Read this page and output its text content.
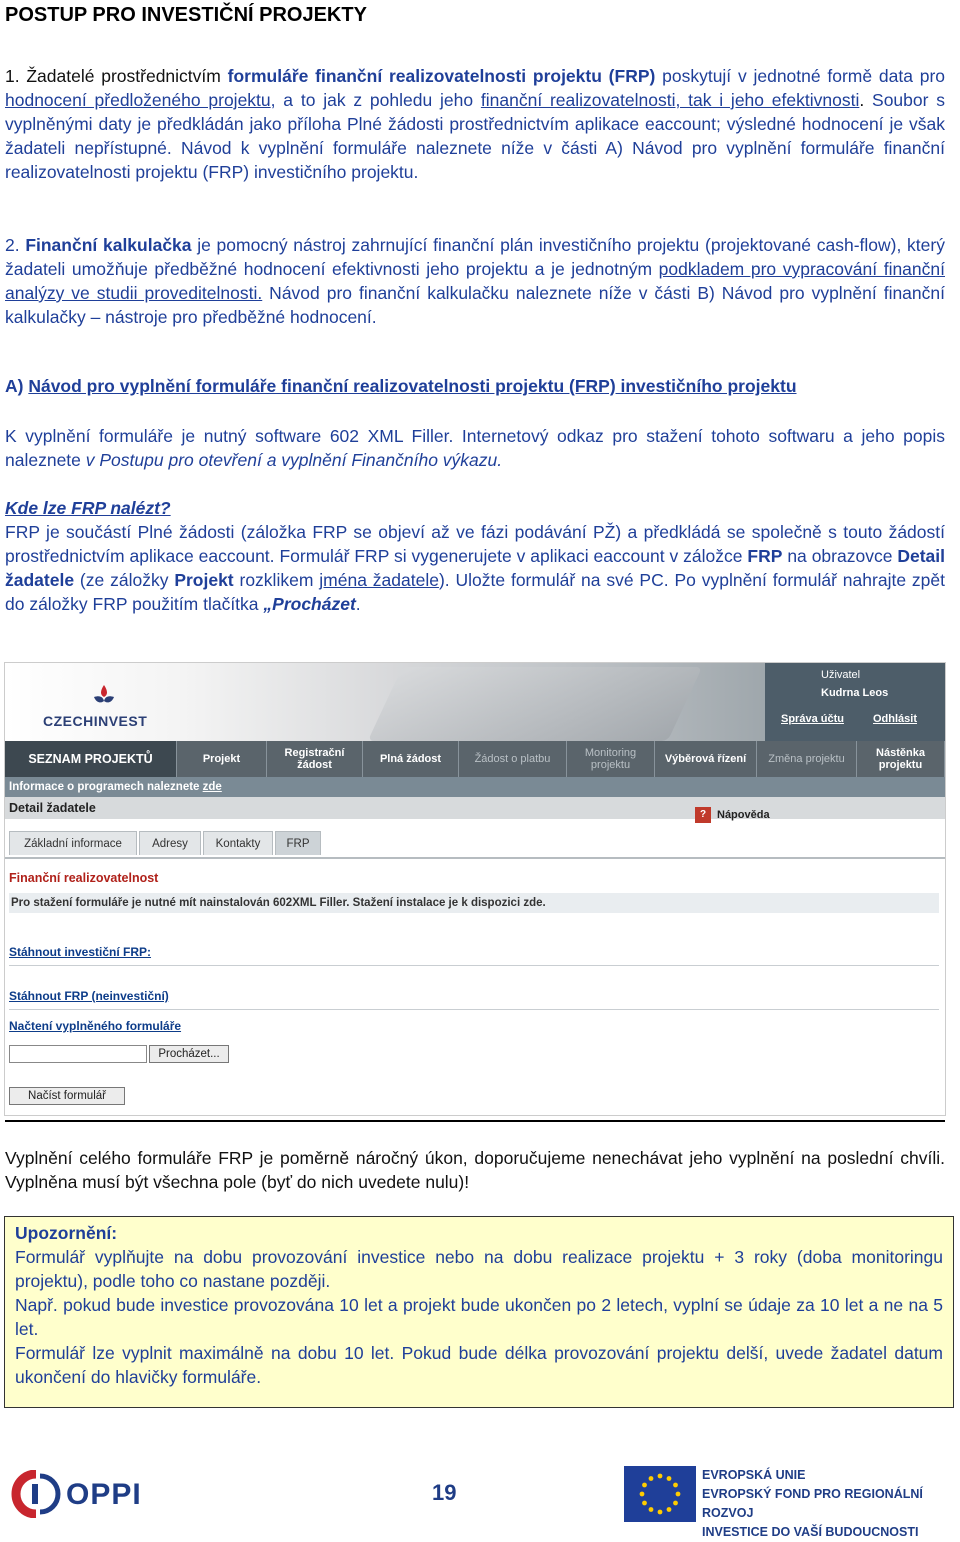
POSTUP PRO INVESTIČNÍ PROJEKTY

1. Žadatelé prostřednictvím formuláře finanční realizovatelnosti projektu (FRP) poskytují v jednotné formě data pro hodnocení předloženého projektu, a to jak z pohledu jeho finanční realizovatelnosti, tak i jeho efektivnosti. Soubor s vyplněnými daty je předkládán jako příloha Plné žádosti prostřednictvím aplikace eaccount; výsledné hodnocení je však žadateli nepřístupné. Návod k vyplnění formuláře naleznete níže v části A) Návod pro vyplnění formuláře finanční realizovatelnosti projektu (FRP) investičního projektu.

2. Finanční kalkulačka je pomocný nástroj zahrnující finanční plán investičního projektu (projektované cash-flow), který žadateli umožňuje předběžné hodnocení efektivnosti jeho projektu a je jednotným podkladem pro vypracování finanční analýzy ve studii proveditelnosti. Návod pro finanční kalkulačku naleznete níže v části B) Návod pro vyplnění finanční kalkulačky – nástroje pro předběžné hodnocení.

A) Návod pro vyplnění formuláře finanční realizovatelnosti projektu (FRP) investičního projektu

K vyplnění formuláře je nutný software 602 XML Filler. Internetový odkaz pro stažení tohoto softwaru a jeho popis naleznete v Postupu pro otevření a vyplnění Finančního výkazu.

Kde lze FRP nalézt?
FRP je součástí Plné žádosti (záložka FRP se objeví až ve fázi podávání PŽ) a předkládá se společně s touto žádostí prostřednictvím aplikace eaccount. Formulář FRP si vygenerujete v aplikaci eaccount v záložce FRP na obrazovce Detail žadatele (ze záložky Projekt rozklikem jména žadatele). Uložte formulář na své PC. Po vyplnění formulář nahrajte zpět do záložky FRP použitím tlačítka „Procházet.

CZECHINVEST
Uživatel
Kudrna Leos
Správa účtu	Odhlásit
SEZNAM PROJEKTŮ	Projekt	Registrační žádost	Plná žádost	Žádost o platbu	Monitoring projektu	Výběrová řízení	Změna projektu	Nástěnka projektu
Informace o programech naleznete zde
Detail žadatele	? Nápověda
Základní informace	Adresy	Kontakty	FRP
Finanční realizovatelnost
Pro stažení formuláře je nutné mít nainstalován 602XML Filler. Stažení instalace je k dispozici zde.
Stáhnout investiční FRP:
Stáhnout FRP (neinvestiční)
Načtení vyplněného formuláře
Procházet...
Načíst formulář

Vyplnění celého formuláře FRP je poměrně náročný úkon, doporučujeme nenechávat jeho vyplnění na poslední chvíli. Vyplněna musí být všechna pole (byť do nich uvedete nulu)!

Upozornění:

Formulář vyplňujte na dobu provozování investice nebo na dobu realizace projektu + 3 roky (doba monitoringu projektu), podle toho co nastane později.

Např. pokud bude investice provozována 10 let a projekt bude ukončen po 2 letech, vyplní se údaje za 10 let a ne na 5 let.

Formulář lze vyplnit maximálně na dobu 10 let. Pokud bude délka provozování projektu delší, uvede žadatel datum ukončení do hlavičky formuláře.

OPPI	19
EVROPSKÁ UNIE
EVROPSKÝ FOND PRO REGIONÁLNÍ ROZVOJ
INVESTICE DO VAŠÍ BUDOUCNOSTI
